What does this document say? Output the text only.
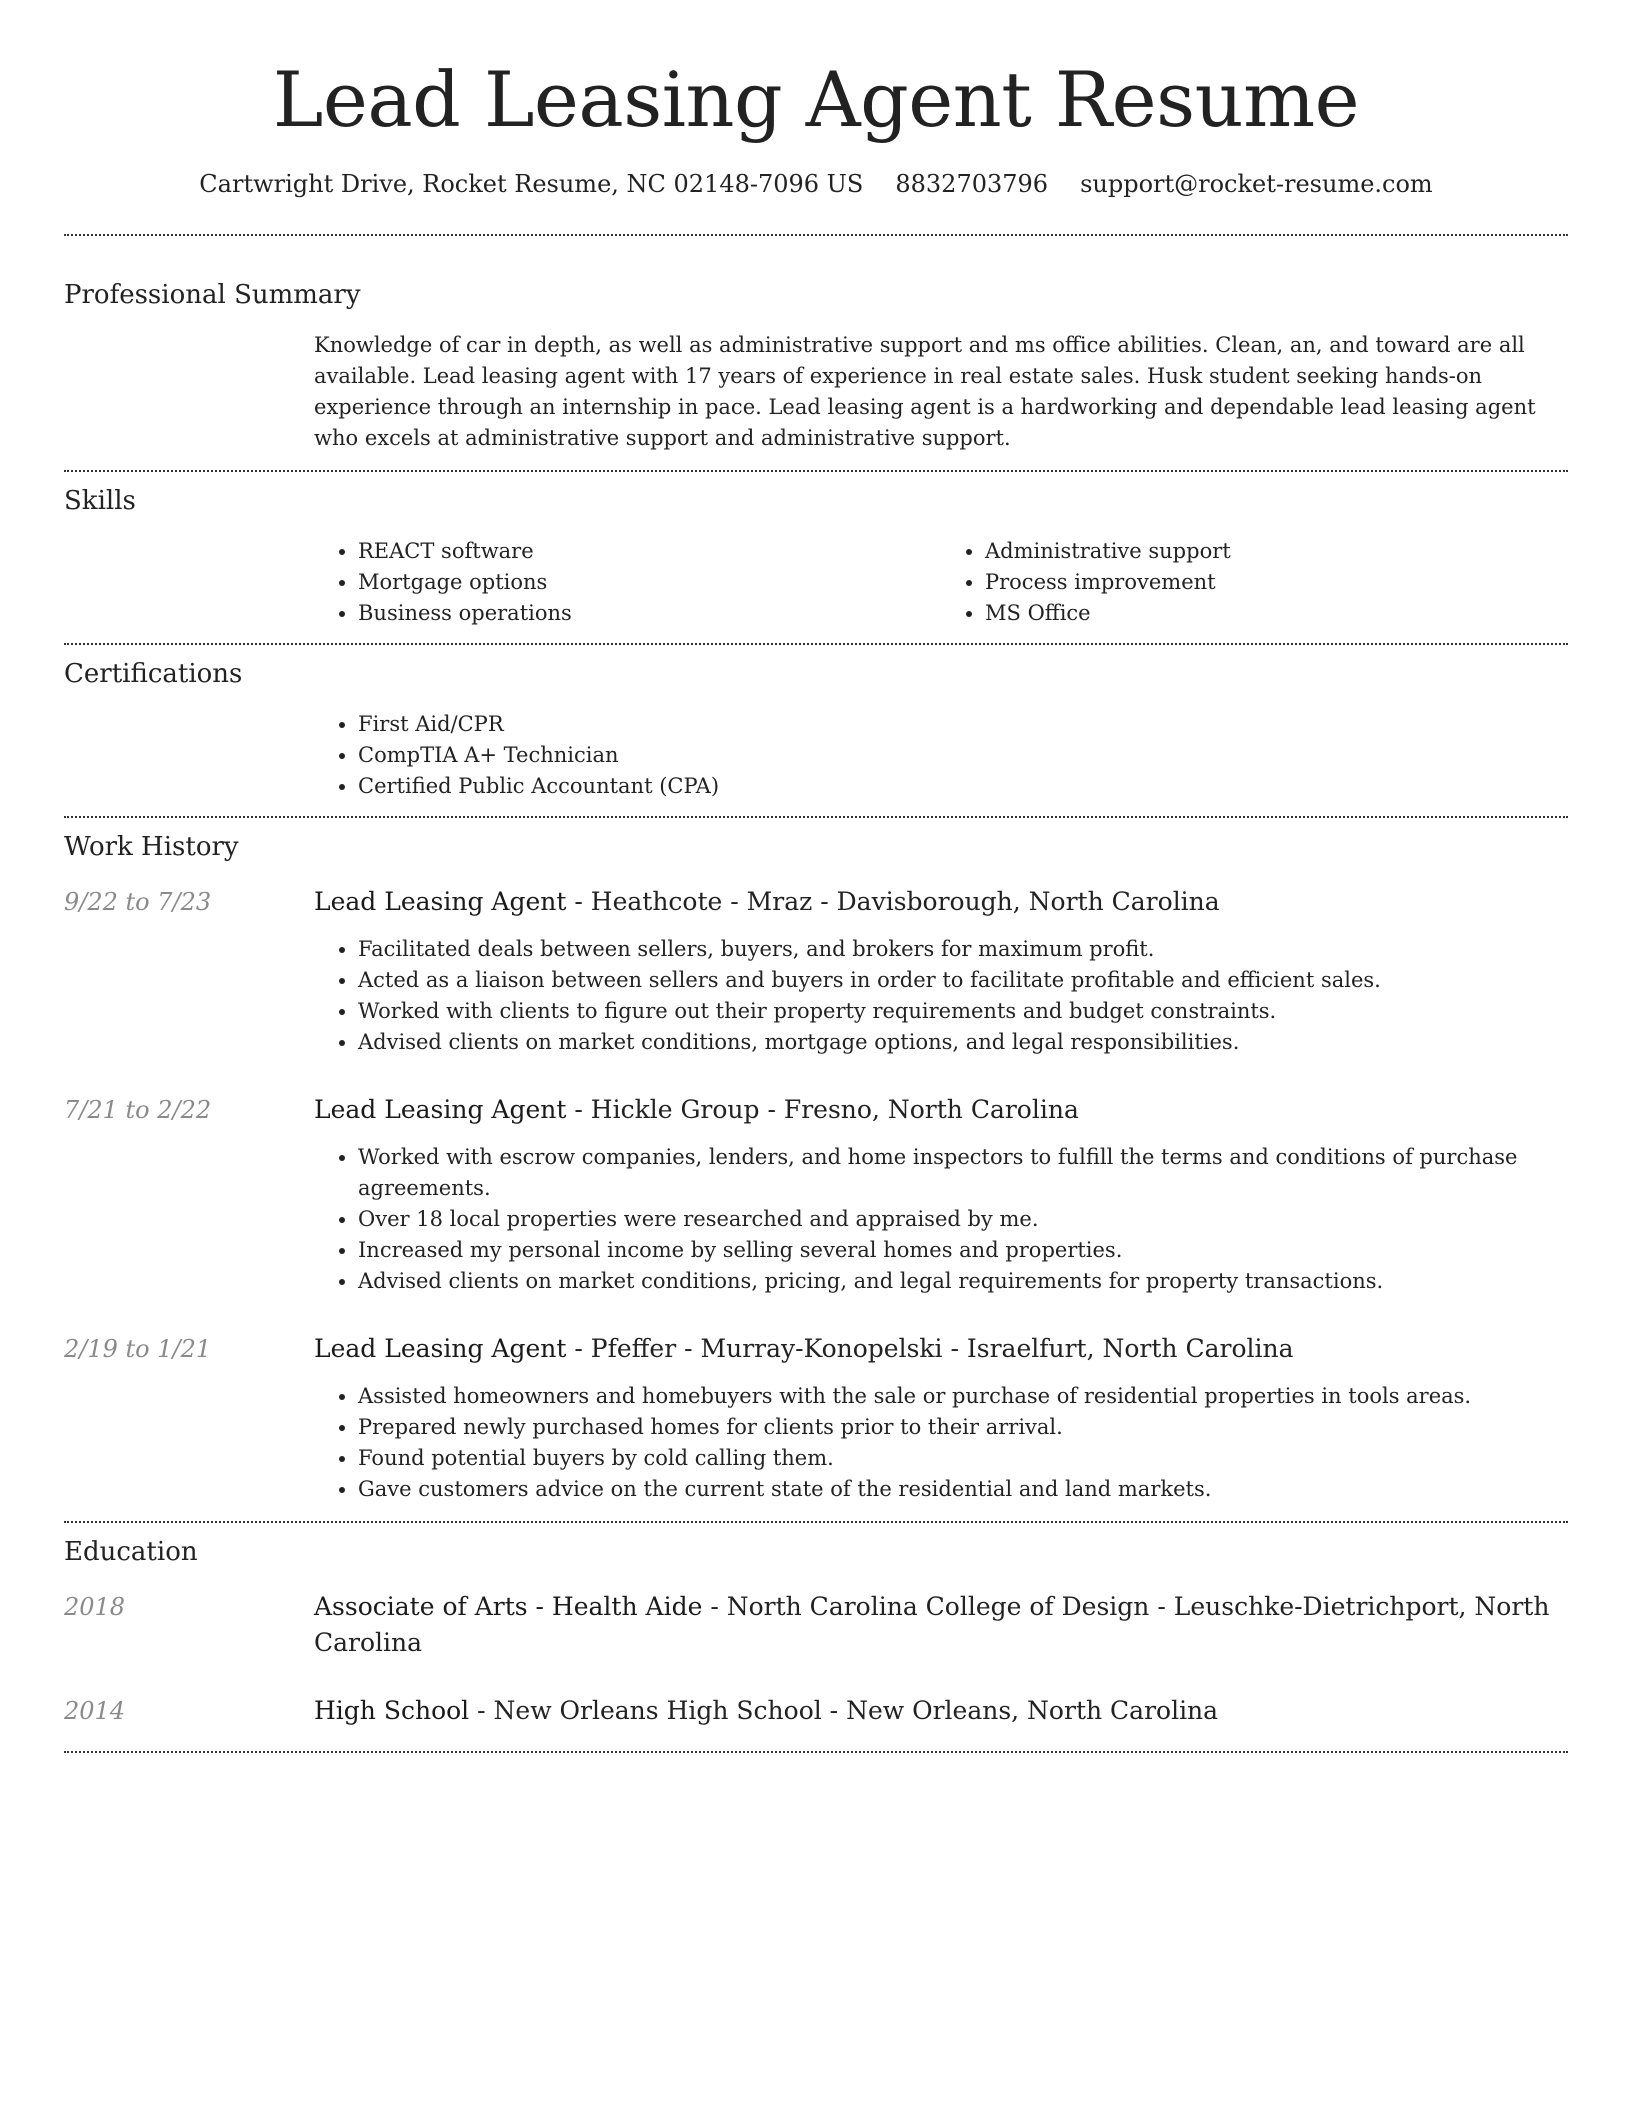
Lead Leasing Agent Resume
Cartwright Drive, Rocket Resume, NC 02148-7096 US 8832703796 support@rocket-resume.com
Professional Summary
Knowledge of car in depth, as well as administrative support and ms office abilities. Clean, an, and toward are all available. Lead leasing agent with 17 years of experience in real estate sales. Husk student seeking hands-on experience through an internship in pace. Lead leasing agent is a hardworking and dependable lead leasing agent who excels at administrative support and administrative support.
Skills
• REACT software
• Mortgage options
• Business operations
• Administrative support
• Process improvement
• MS Office
Certifications
• First Aid/CPR
• CompTIA A+ Technician
• Certified Public Accountant (CPA)
Work History
9/22 to 7/23	Lead Leasing Agent - Heathcote - Mraz - Davisborough, North Carolina
• Facilitated deals between sellers, buyers, and brokers for maximum profit.
• Acted as a liaison between sellers and buyers in order to facilitate profitable and efficient sales.
• Worked with clients to figure out their property requirements and budget constraints.
• Advised clients on market conditions, mortgage options, and legal responsibilities.
7/21 to 2/22	Lead Leasing Agent - Hickle Group - Fresno, North Carolina
• Worked with escrow companies, lenders, and home inspectors to fulfill the terms and conditions of purchase agreements.
• Over 18 local properties were researched and appraised by me.
• Increased my personal income by selling several homes and properties.
• Advised clients on market conditions, pricing, and legal requirements for property transactions.
2/19 to 1/21	Lead Leasing Agent - Pfeffer - Murray-Konopelski - Israelfurt, North Carolina
• Assisted homeowners and homebuyers with the sale or purchase of residential properties in tools areas.
• Prepared newly purchased homes for clients prior to their arrival.
• Found potential buyers by cold calling them.
• Gave customers advice on the current state of the residential and land markets.
Education
2018	Associate of Arts - Health Aide - North Carolina College of Design - Leuschke-Dietrichport, North Carolina
2014	High School - New Orleans High School - New Orleans, North Carolina
